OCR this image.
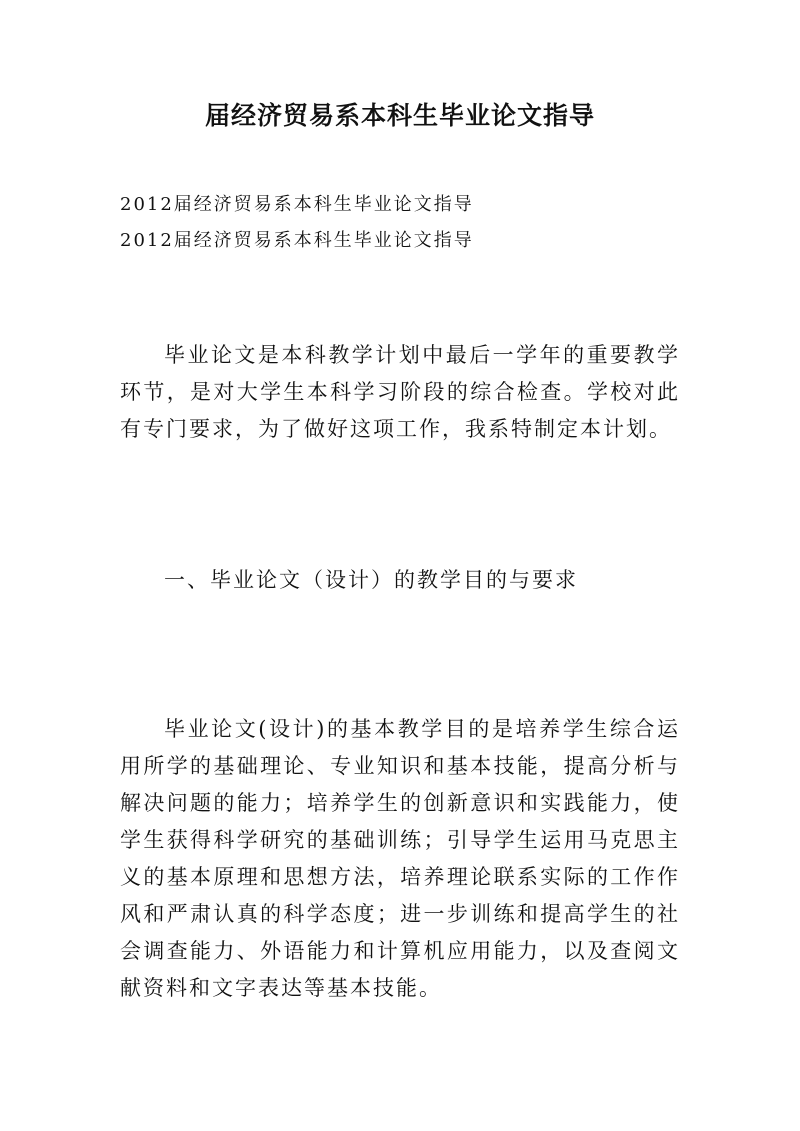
届经济贸易系本科生毕业论文指导
2012届经济贸易系本科生毕业论文指导
2012届经济贸易系本科生毕业论文指导

毕业论文是本科教学计划中最后一学年的重要教学环节，是对大学生本科学习阶段的综合检查。学校对此有专门要求，为了做好这项工作，我系特制定本计划。

一、毕业论文（设计）的教学目的与要求

毕业论文(设计)的基本教学目的是培养学生综合运用所学的基础理论、专业知识和基本技能，提高分析与解决问题的能力；培养学生的创新意识和实践能力，使学生获得科学研究的基础训练；引导学生运用马克思主义的基本原理和思想方法，培养理论联系实际的工作作风和严肃认真的科学态度；进一步训练和提高学生的社会调查能力、外语能力和计算机应用能力，以及查阅文献资料和文字表达等基本技能。
